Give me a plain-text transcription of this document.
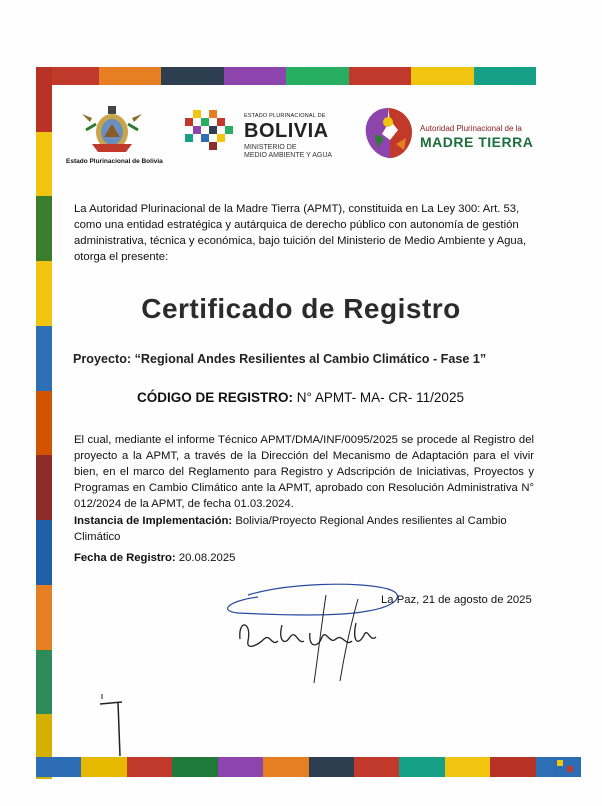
Estado Plurinacional de Bolivia
ESTADO PLURINACIONAL DE
BOLIVIA
MINISTERIO DE
MEDIO AMBIENTE Y AGUA
Autoridad Plurinacional de la
MADRE TIERRA
La Autoridad Plurinacional de la Madre Tierra (APMT), constituida en La Ley 300: Art. 53, como una entidad estratégica y autárquica de derecho público con autonomía de gestión administrativa, técnica y económica, bajo tuición del Ministerio de Medio Ambiente y Agua, otorga el presente:
Certificado de Registro
Proyecto: “Regional Andes Resilientes al Cambio Climático - Fase 1”
CÓDIGO DE REGISTRO: N° APMT- MA- CR- 11/2025
El cual, mediante el informe Técnico APMT/DMA/INF/0095/2025 se procede al Registro del proyecto a la APMT, a través de la Dirección del Mecanismo de Adaptación para el vivir bien, en el marco del Reglamento para Registro y Adscripción de Iniciativas, Proyectos y Programas en Cambio Climático ante la APMT, aprobado con Resolución Administrativa N° 012/2024 de la APMT, de fecha 01.03.2024.
Instancia de Implementación: Bolivia/Proyecto Regional Andes resilientes al Cambio Climático
Fecha de Registro: 20.08.2025
La Paz, 21 de agosto de 2025
